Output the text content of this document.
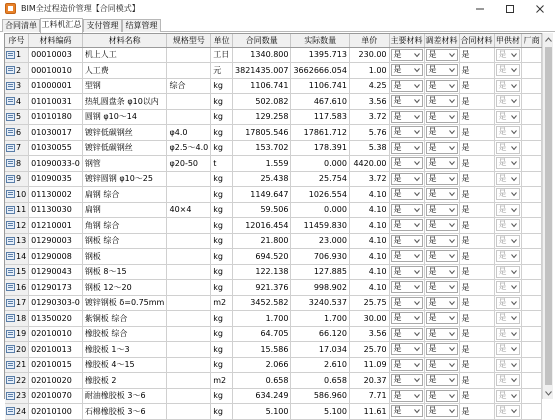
BIM全过程造价管理【合同模式】
合同清单 工料机汇总 支付管理 结算管理
序号	材料编码	材料名称	规格型号	单位	合同数量	实际数量	单价	主要材料	调差材料	合同材料	甲供材	厂商

1	00010003	机上人工		工日	1340.800	1395.713	230.00	是	是	是	是	

2	00010010	人工费		元	3821435.007	3662666.054	1.00	是	是	是	是	

3	01000001	型钢	综合	kg	1106.741	1106.741	4.25	是	是	是	是	

4	01010031	热轧圆盘条 φ10以内		kg	502.082	467.610	3.56	是	是	是	是	

5	01010180	圆钢 φ10～14		kg	129.258	117.583	3.72	是	是	是	是	

6	01030017	镀锌低碳钢丝	φ4.0	kg	17805.546	17861.712	5.76	是	是	是	是	

7	01030055	镀锌低碳钢丝	φ2.5～4.0	kg	153.702	178.391	5.38	是	是	是	是	

8	01090033-0	钢管	φ20-50	t	1.559	0.000	4420.00	是	是	是	是	

9	01090035	镀锌圆钢 φ10～25		kg	25.438	25.754	3.72	是	是	是	是	

10	01130002	扁钢 综合		kg	1149.647	1026.554	4.10	是	是	是	是	

11	01130030	扁钢	40×4	kg	59.506	0.000	4.10	是	是	是	是	

12	01210001	角钢 综合		kg	12016.454	11459.830	4.10	是	是	是	是	

13	01290003	钢板 综合		kg	21.800	23.000	4.10	是	是	是	是	

14	01290008	钢板		kg	694.520	706.930	4.10	是	是	是	是	

15	01290043	钢板 8～15		kg	122.138	127.885	4.10	是	是	是	是	

16	01290173	钢板 12～20		kg	921.376	998.902	4.10	是	是	是	是	

17	01290303-0	镀锌钢板 δ=0.75mm		m2	3452.582	3240.537	25.75	是	是	是	是	

18	01350020	紫铜板 综合		kg	1.700	1.700	30.00	是	是	是	是	

19	02010010	橡胶板 综合		kg	64.705	66.120	3.56	是	是	是	是	

20	02010013	橡胶板 1～3		kg	15.586	17.034	25.70	是	是	是	是	

21	02010015	橡胶板 4～15		kg	2.066	2.610	11.09	是	是	是	是	

22	02010020	橡胶板 2		m2	0.658	0.658	20.37	是	是	是	是	

23	02010070	耐油橡胶板 3～6		kg	634.249	586.960	7.71	是	是	是	是	

24	02010100	石棉橡胶板 3～6		kg	5.100	5.100	11.61	是	是	是	是	
